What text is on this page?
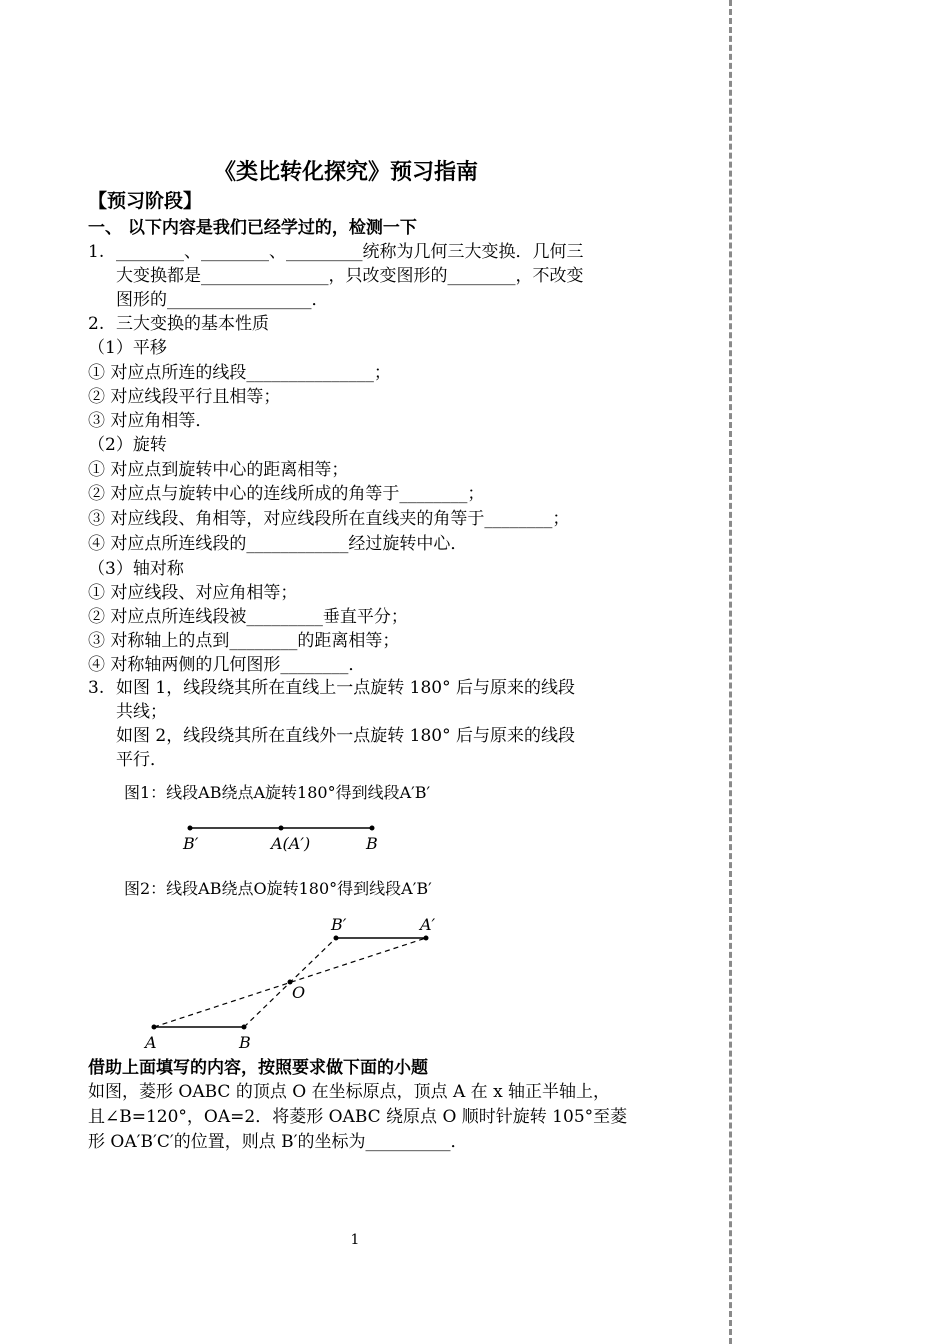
《类比转化探究》预习指南
【预习阶段】
一、 以下内容是我们已经学过的，检测一下
1. ________、________、_________统称为几何三大变换．几何三
大变换都是_______________，只改变图形的________，不改变
图形的_________________．
2. 三大变换的基本性质
（1）平移
① 对应点所连的线段_______________；
② 对应线段平行且相等；
③ 对应角相等．
（2）旋转
① 对应点到旋转中心的距离相等；
② 对应点与旋转中心的连线所成的角等于________；
③ 对应线段、角相等，对应线段所在直线夹的角等于________；
④ 对应点所连线段的____________经过旋转中心．
（3）轴对称
① 对应线段、对应角相等；
② 对应点所连线段被_________垂直平分；
③ 对称轴上的点到________的距离相等；
④ 对称轴两侧的几何图形________．
3. 如图 1，线段绕其所在直线上一点旋转 180° 后与原来的线段
共线；
如图 2，线段绕其所在直线外一点旋转 180° 后与原来的线段
平行．
图1：线段AB绕点A旋转180°得到线段A′B′
B′	A(A′)	B
图2：线段AB绕点O旋转180°得到线段A′B′
B′	A′
O
A	B
借助上面填写的内容，按照要求做下面的小题
如图，菱形 OABC 的顶点 O 在坐标原点，顶点 A 在 x 轴正半轴上，
且∠B=120°，OA=2．将菱形 OABC 绕原点 O 顺时针旋转 105°至菱
形 OA′B′C′的位置，则点 B′的坐标为__________．
1
